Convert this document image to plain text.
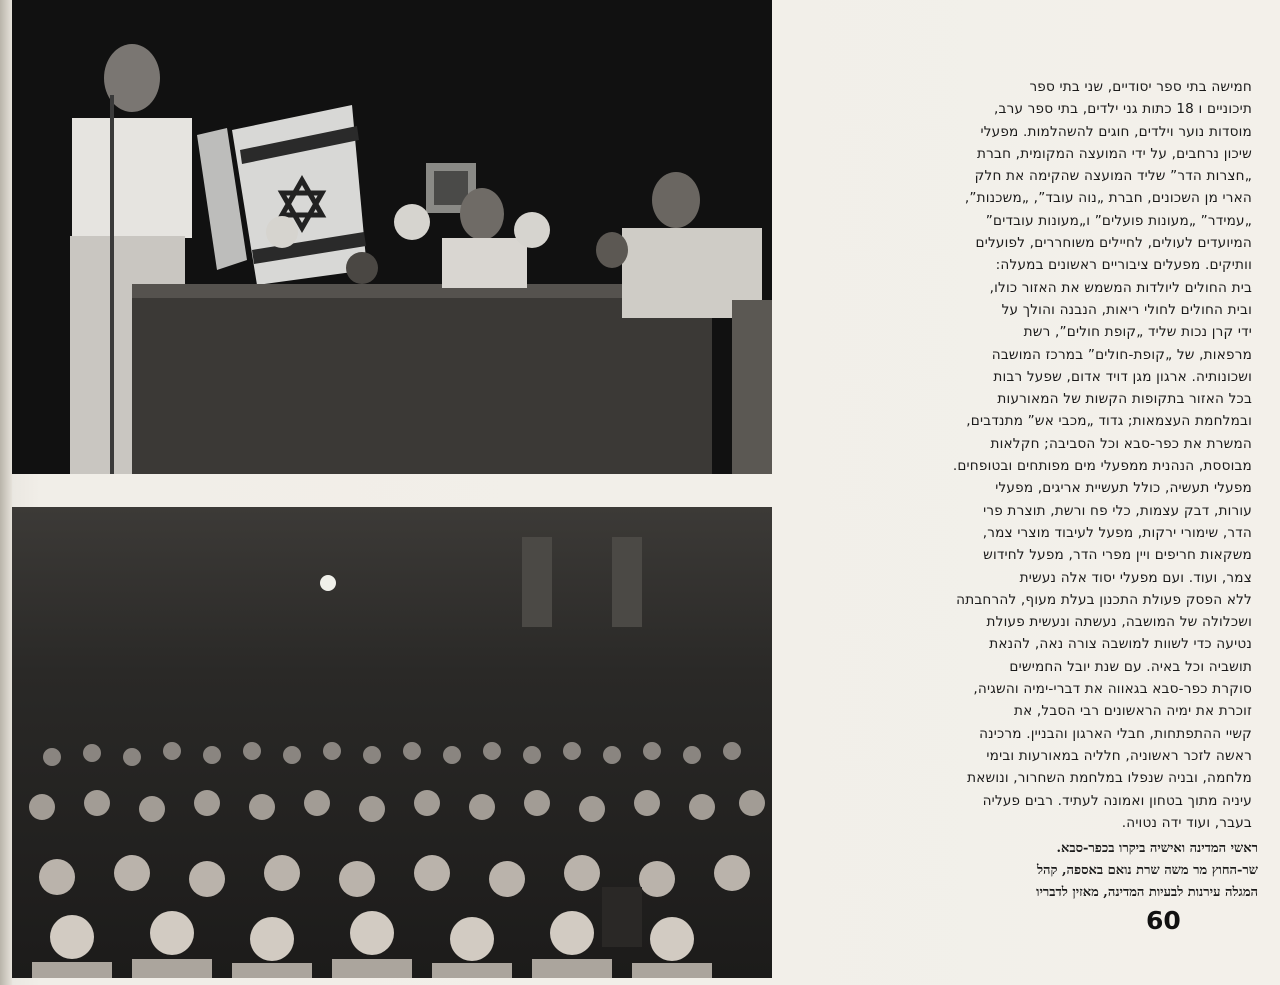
חמישה בתי ספר יסודיים, שני בתי ספר
תיכוניים ו 18 כתות גני ילדים, בתי ספר ערב,
מוסדות נוער וילדים, חוגים להשהלמות. מפעלי
שיכון נרחבים, על ידי המועצה המקומית, חברת
„חצרות הדר” שליד המועצה שהקימה את חלק
הארי מן השכונים, חברת „נוה עובד”, „משכנות”,
„עמידר” „מעונות פועלים” ו„מעונות עובדים”
המיועדים לעולים, לחיילים משוחררים, לפועלים
וותיקים. מפעלים ציבוריים ראשונים במעלה:
בית החולים ליולדות המשמש את האזור כולו,
ובית החולים לחולי ריאות, הנבנה והולך על
ידי קרן נכות שליד „קופת חולים”, רשת
מרפאות, של „קופת-חולים” במרכז המושבה
ושכונותיה. ארגון מגן דויד אדום, שפעל רבות
בכל האזור בתקופות הקשות של המאורעות
ובמלחמת העצמאות; גדוד „מכבי אש” מתנדבים,
המשרת את כפר-סבא וכל הסביבה; חקלאות
מבוססת, הנהנית ממפעלי מים מפותחים ובטופחים.
מפעלי תעשיה, כולל תעשיית אריגים, מפעלי
עורות, דבק עצמות, כלי פח ורשת, תוצרת פרי
הדר, שימורי ירקות, מפעל לעיבוד מוצרי צמר,
משקאות חריפים ויין מפרי הדר, מפעל לחידוש
צמר, ועוד. ועם מפעלי יסוד אלה נעשית
ללא הפסק פעולת התכנון בעלת מעוף, להרחבתה
ושכלולה של המושבה, נעשתה ונעשית פעולת
נטיעה כדי לשוות למושבה צורה נאה, להנאת
תושביה וכל באיה. עם שנת יובל החמישים
סוקרת כפר-סבא בגאווה את דברי-ימיה והשגיה,
זוכרת את ימיה הראשונים רבי הסבל, את
קשיי ההתפתחות, חבלי הארגון והבניין. מרכינה
ראשה לזכר ראשוניה, חלליה במאורעות ובימי
מלחמה, ובניה שנפלו במלחמת השחרור, ונושאת
עיניה מתוך בטחון ואמונה לעתיד. רבים פעליה
בעבר, ועוד ידה נטויה.
ראשי המדינה ואישיה ביקרו בכפר-סבא.
שר-החוץ מר משה שרת נואם באספה, קהל
המגלה עירנות לבעיות המדינה, מאזין לדבריו
60
